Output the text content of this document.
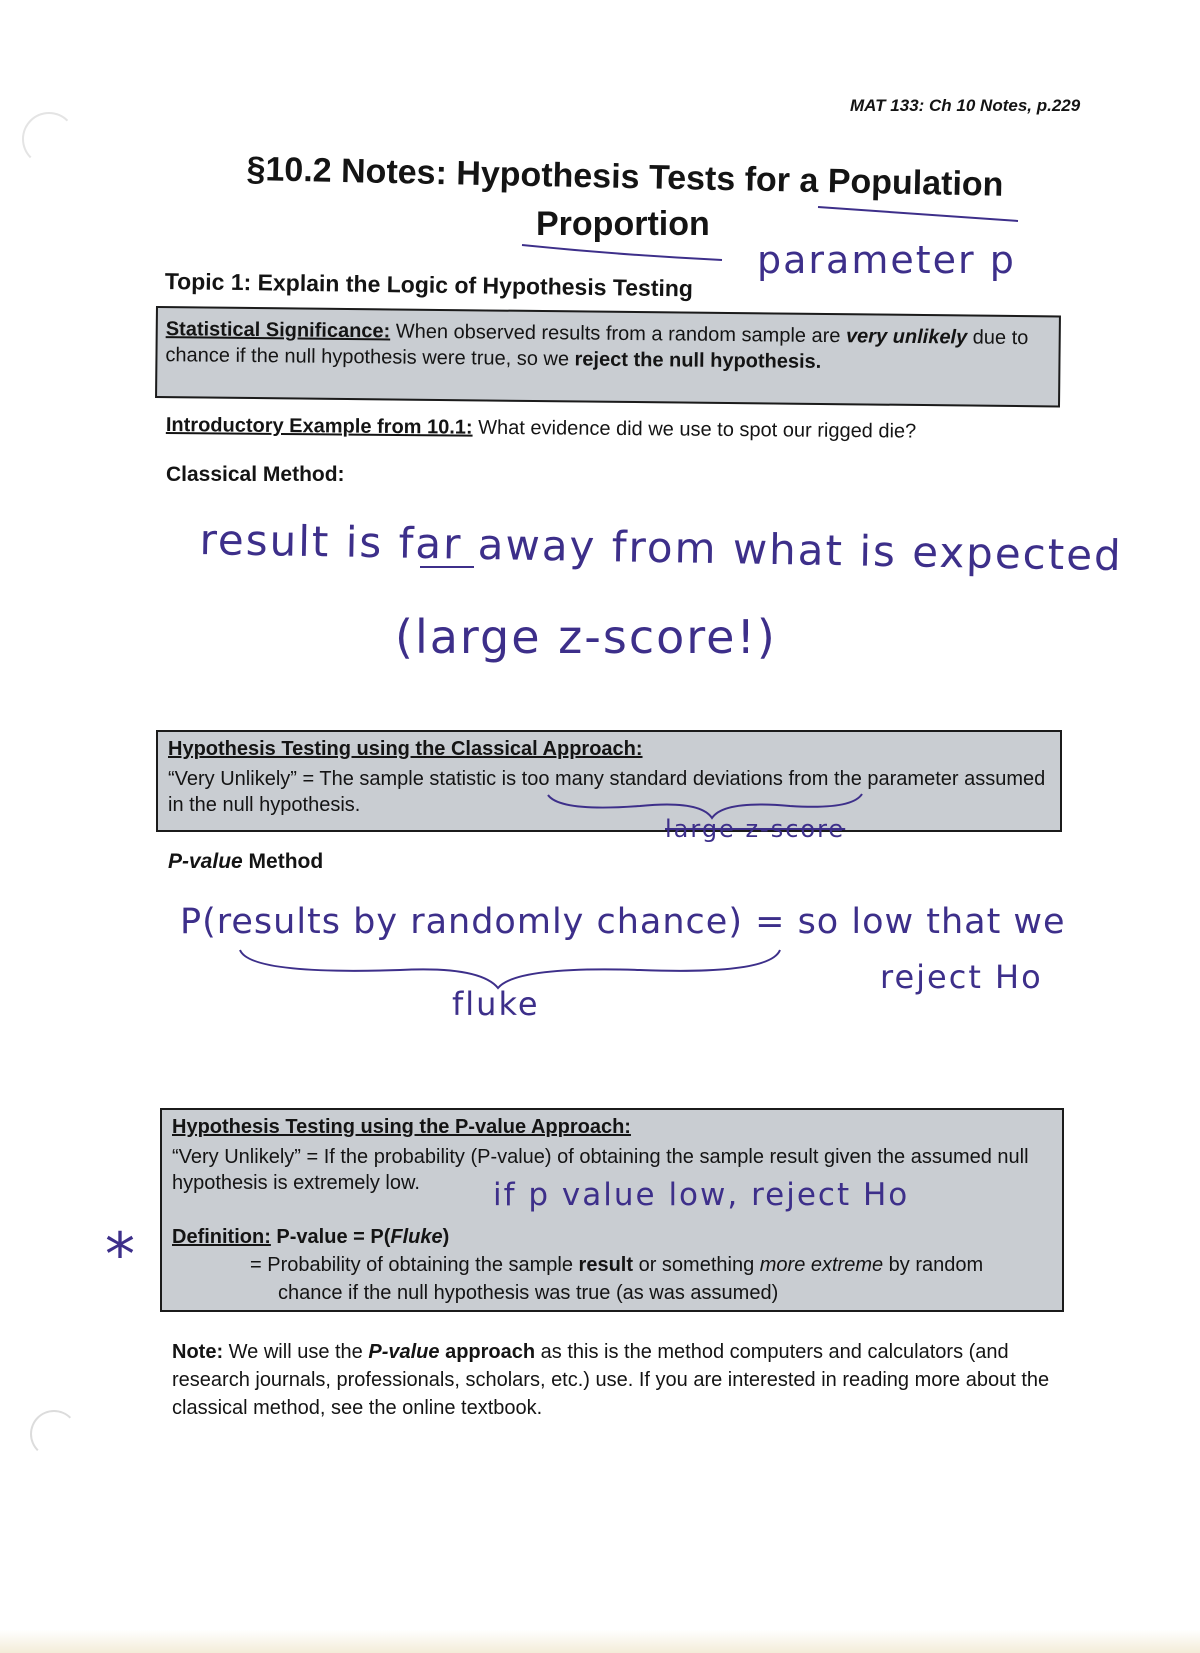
MAT 133: Ch 10 Notes, p.229
§10.2 Notes: Hypothesis Tests for a Population
Proportion
parameter p
Topic 1: Explain the Logic of Hypothesis Testing
Statistical Significance: When observed results from a random sample are very unlikely due to chance if the null hypothesis were true, so we reject the null hypothesis.
Introductory Example from 10.1: What evidence did we use to spot our rigged die?
Classical Method:
result is far away from what is expected
(large z-score!)
Hypothesis Testing using the Classical Approach:
“Very Unlikely” = The sample statistic is too many standard deviations from the parameter assumed in the null hypothesis.
large z-score
P-value Method
P(results by randomly chance) = so low that we
reject Ho
fluke
Hypothesis Testing using the P-value Approach:
“Very Unlikely” = If the probability (P-value) of obtaining the sample result given the assumed null hypothesis is extremely low.
Definition: P-value = P(Fluke)
= Probability of obtaining the sample result or something more extreme by random
chance if the null hypothesis was true (as was assumed)
if p value low, reject Ho
*
Note: We will use the P-value approach as this is the method computers and calculators (and research journals, professionals, scholars, etc.) use. If you are interested in reading more about the classical method, see the online textbook.
